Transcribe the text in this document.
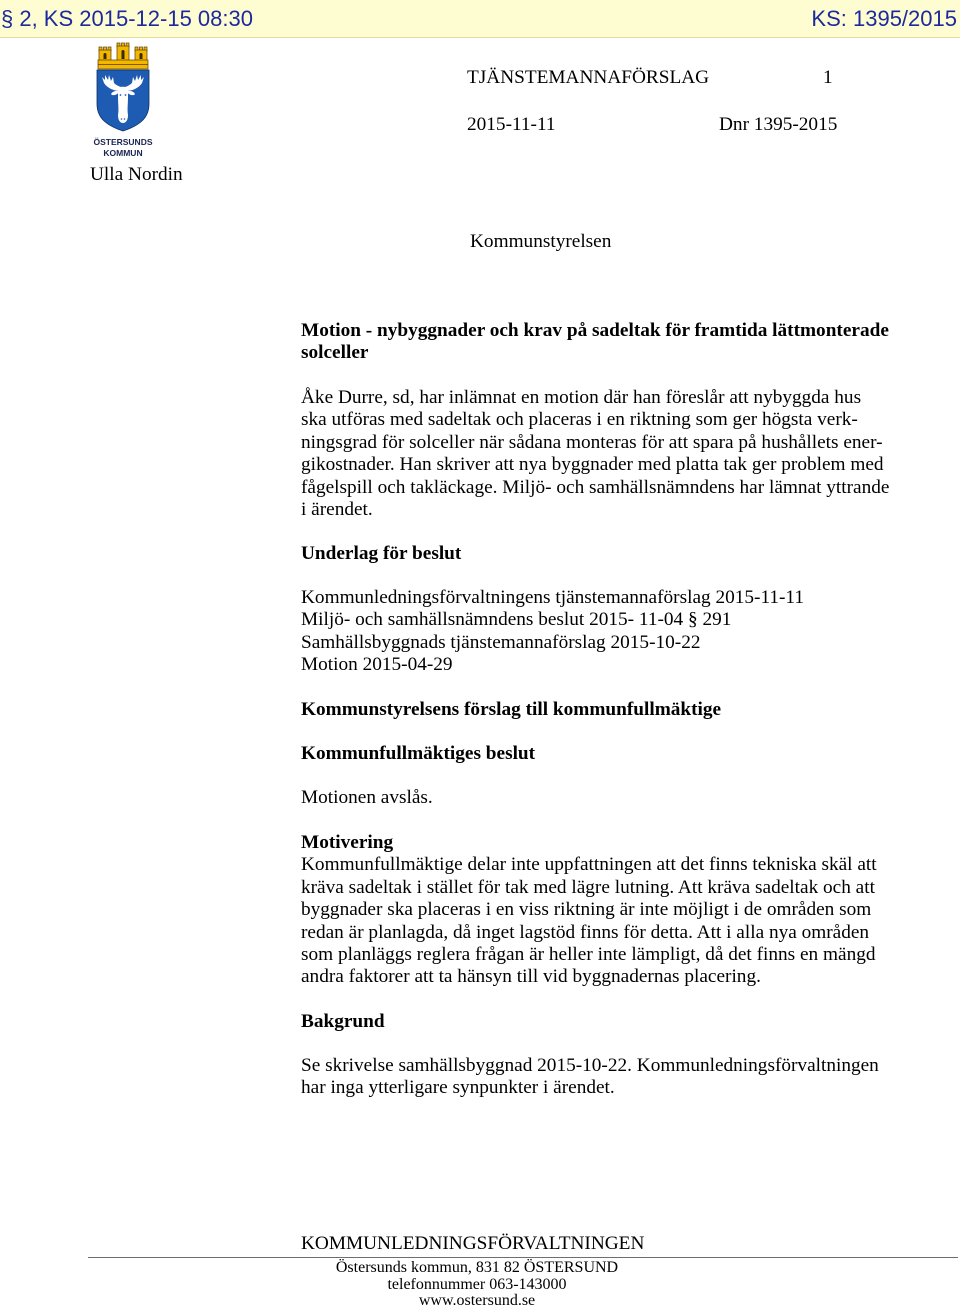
§ 2, KS 2015-12-15 08:30	KS: 1395/2015
ÖSTERSUNDS
KOMMUN
TJÄNSTEMANNAFÖRSLAG	1
2015-11-11	Dnr 1395-2015
Ulla Nordin
Kommunstyrelsen
Motion - nybyggnader och krav på sadeltak för framtida lättmonterade
solceller
Åke Durre, sd, har inlämnat en motion där han föreslår att nybyggda hus
ska utföras med sadeltak och placeras i en riktning som ger högsta verk-
ningsgrad för solceller när sådana monteras för att spara på hushållets ener-
gikostnader. Han skriver att nya byggnader med platta tak ger problem med
fågelspill och takläckage. Miljö- och samhällsnämndens har lämnat yttrande
i ärendet.
Underlag för beslut
Kommunledningsförvaltningens tjänstemannaförslag 2015-11-11
Miljö- och samhällsnämndens beslut 2015- 11-04 § 291
Samhällsbyggnads tjänstemannaförslag 2015-10-22
Motion 2015-04-29
Kommunstyrelsens förslag till kommunfullmäktige
Kommunfullmäktiges beslut
Motionen avslås.
Motivering
Kommunfullmäktige delar inte uppfattningen att det finns tekniska skäl att
kräva sadeltak i stället för tak med lägre lutning. Att kräva sadeltak och att
byggnader ska placeras i en viss riktning är inte möjligt i de områden som
redan är planlagda, då inget lagstöd finns för detta. Att i alla nya områden
som planläggs reglera frågan är heller inte lämpligt, då det finns en mängd
andra faktorer att ta hänsyn till vid byggnadernas placering.
Bakgrund
Se skrivelse samhällsbyggnad 2015-10-22. Kommunledningsförvaltningen
har inga ytterligare synpunkter i ärendet.
KOMMUNLEDNINGSFÖRVALTNINGEN
Östersunds kommun, 831 82 ÖSTERSUND
telefonnummer 063-143000
www.ostersund.se
